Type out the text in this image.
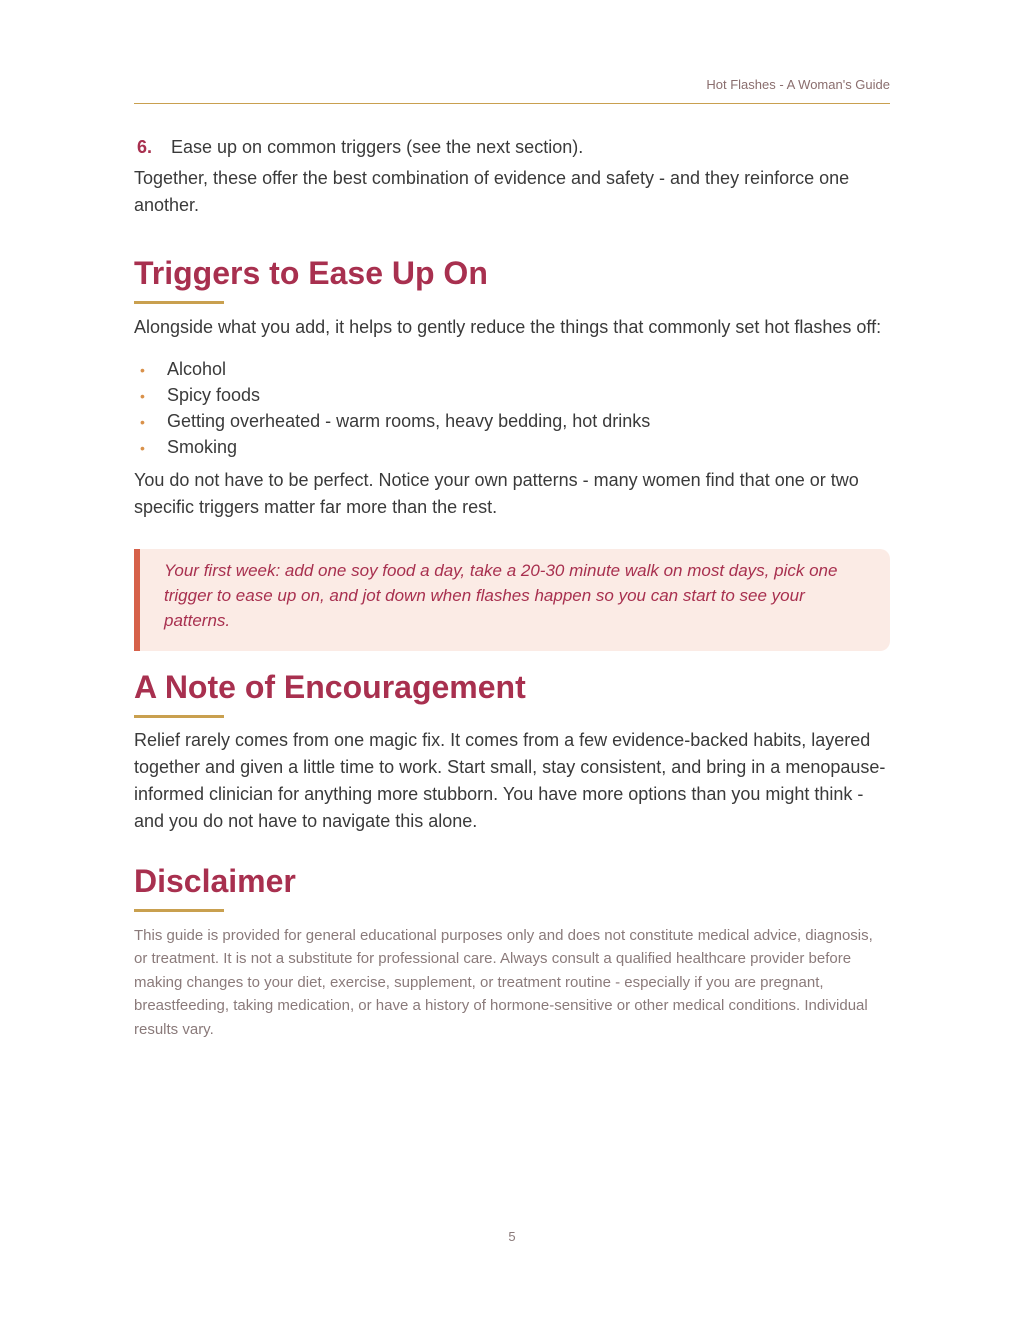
Hot Flashes - A Woman's Guide
6.	Ease up on common triggers (see the next section).

Together, these offer the best combination of evidence and safety - and they reinforce one another.

Triggers to Ease Up On

Alongside what you add, it helps to gently reduce the things that commonly set hot flashes off:

•	Alcohol
•	Spicy foods
•	Getting overheated - warm rooms, heavy bedding, hot drinks
•	Smoking

You do not have to be perfect. Notice your own patterns - many women find that one or two specific triggers matter far more than the rest.

Your first week: add one soy food a day, take a 20-30 minute walk on most days, pick one trigger to ease up on, and jot down when flashes happen so you can start to see your patterns.
A Note of Encouragement

Relief rarely comes from one magic fix. It comes from a few evidence-backed habits, layered together and given a little time to work. Start small, stay consistent, and bring in a menopause-informed clinician for anything more stubborn. You have more options than you might think - and you do not have to navigate this alone.

Disclaimer

This guide is provided for general educational purposes only and does not constitute medical advice, diagnosis, or treatment. It is not a substitute for professional care. Always consult a qualified healthcare provider before making changes to your diet, exercise, supplement, or treatment routine - especially if you are pregnant, breastfeeding, taking medication, or have a history of hormone-sensitive or other medical conditions. Individual results vary.

5
